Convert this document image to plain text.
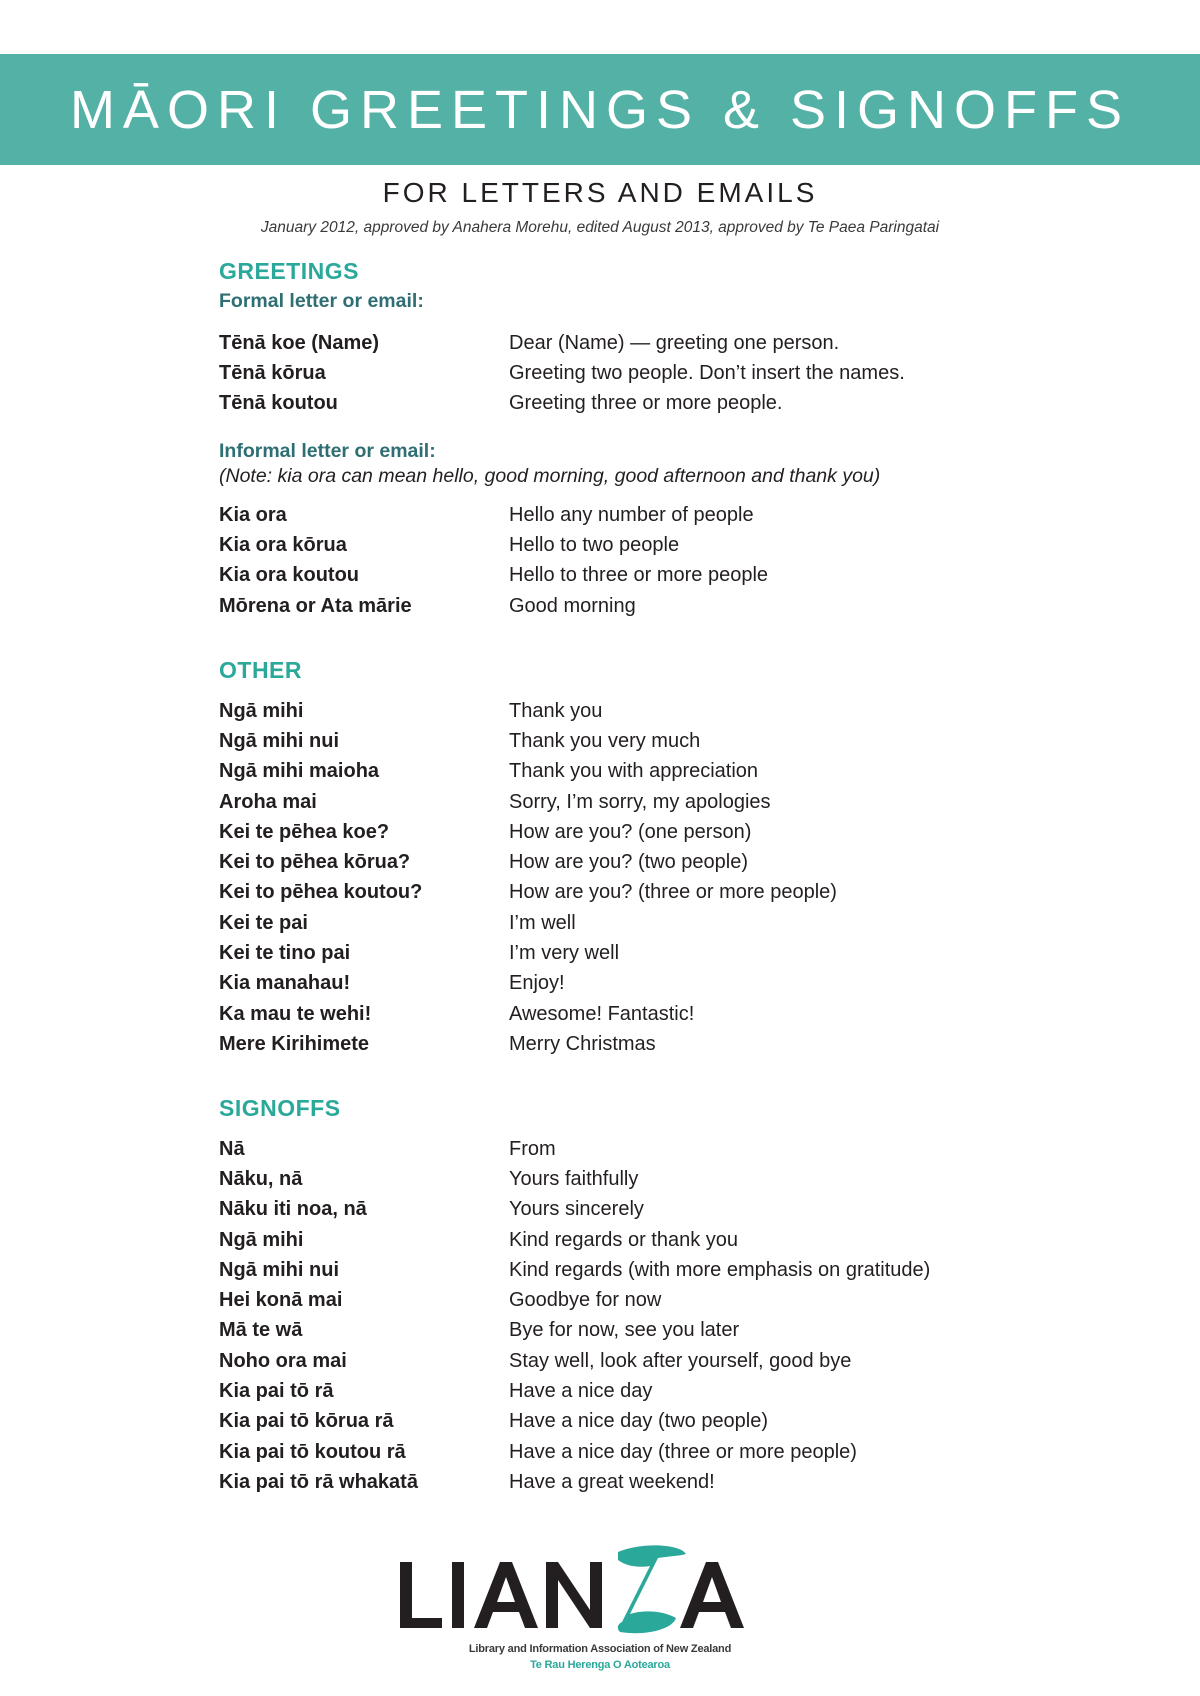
MĀORI GREETINGS & SIGNOFFS
FOR LETTERS AND EMAILS
January 2012, approved by Anahera Morehu, edited August 2013, approved by Te Paea Paringatai
GREETINGS
Formal letter or email:
Tēnā koe (Name)	Dear (Name) — greeting one person.
Tēnā kōrua	Greeting two people. Don’t insert the names.
Tēnā koutou	Greeting three or more people.
Informal letter or email:

(Note: kia ora can mean hello, good morning, good afternoon and thank you)

Kia ora	Hello any number of people
Kia ora kōrua	Hello to two people
Kia ora koutou	Hello to three or more people
Mōrena or Ata mārie	Good morning
OTHER
Ngā mihi	Thank you
Ngā mihi nui	Thank you very much
Ngā mihi maioha	Thank you with appreciation
Aroha mai	Sorry, I’m sorry, my apologies
Kei te pēhea koe?	How are you? (one person)
Kei to pēhea kōrua?	How are you? (two people)
Kei to pēhea koutou?	How are you? (three or more people)
Kei te pai	I’m well
Kei te tino pai	I’m very well
Kia manahau!	Enjoy!
Ka mau te wehi!	Awesome! Fantastic!
Mere Kirihimete	Merry Christmas
SIGNOFFS
Nā	From
Nāku, nā	Yours faithfully
Nāku iti noa, nā	Yours sincerely
Ngā mihi	Kind regards or thank you
Ngā mihi nui	Kind regards (with more emphasis on gratitude)
Hei konā mai	Goodbye for now
Mā te wā	Bye for now, see you later
Noho ora mai	Stay well, look after yourself, good bye
Kia pai tō rā	Have a nice day
Kia pai tō kōrua rā	Have a nice day (two people)
Kia pai tō koutou rā	Have a nice day (three or more people)
Kia pai tō rā whakatā	Have a great weekend!
Library and Information Association of New Zealand
Te Rau Herenga O Aotearoa
